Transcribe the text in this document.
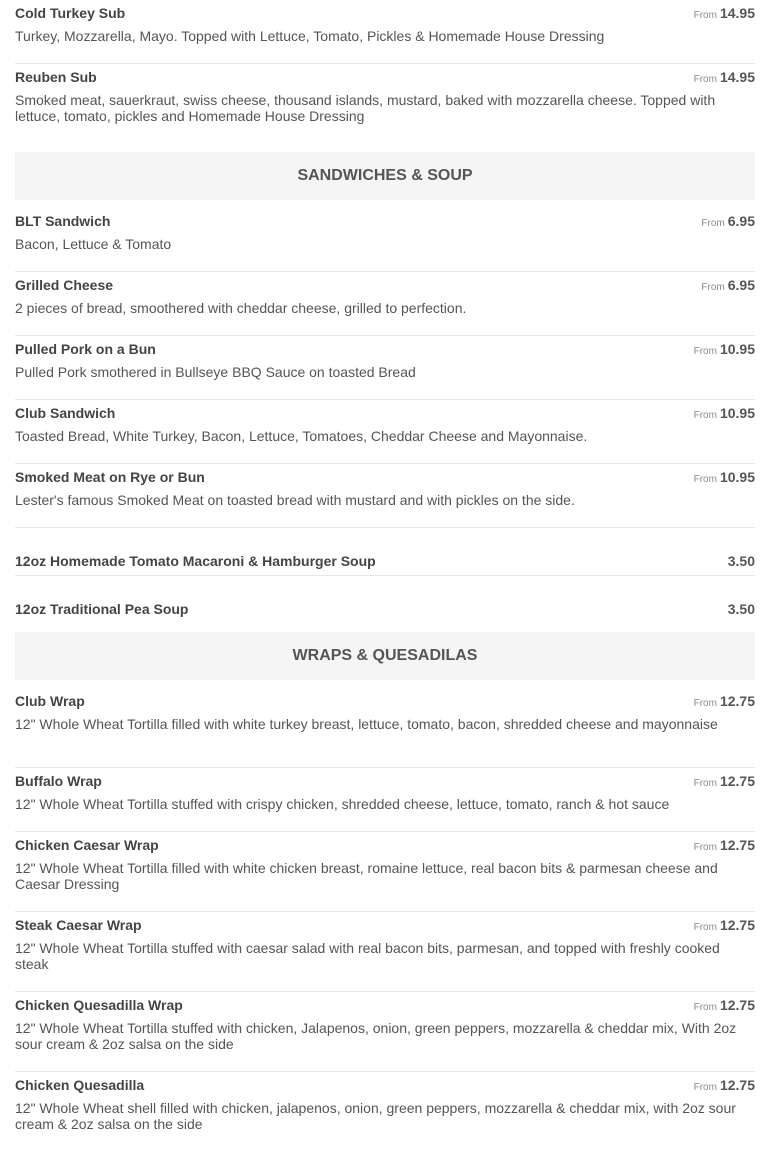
Cold Turkey Sub	From 14.95
Turkey, Mozzarella, Mayo. Topped with Lettuce, Tomato, Pickles & Homemade House Dressing
Reuben Sub	From 14.95
Smoked meat, sauerkraut, swiss cheese, thousand islands, mustard, baked with mozzarella cheese. Topped with lettuce, tomato, pickles and Homemade House Dressing
SANDWICHES & SOUP
BLT Sandwich	From 6.95
Bacon, Lettuce & Tomato
Grilled Cheese	From 6.95
2 pieces of bread, smoothered with cheddar cheese, grilled to perfection.
Pulled Pork on a Bun	From 10.95
Pulled Pork smothered in Bullseye BBQ Sauce on toasted Bread
Club Sandwich	From 10.95
Toasted Bread, White Turkey, Bacon, Lettuce, Tomatoes, Cheddar Cheese and Mayonnaise.
Smoked Meat on Rye or Bun	From 10.95
Lester's famous Smoked Meat on toasted bread with mustard and with pickles on the side.
12oz Homemade Tomato Macaroni & Hamburger Soup	3.50
12oz Traditional Pea Soup	3.50
WRAPS & QUESADILAS
Club Wrap	From 12.75
12" Whole Wheat Tortilla filled with white turkey breast, lettuce, tomato, bacon, shredded cheese and mayonnaise
Buffalo Wrap	From 12.75
12" Whole Wheat Tortilla stuffed with crispy chicken, shredded cheese, lettuce, tomato, ranch & hot sauce
Chicken Caesar Wrap	From 12.75
12" Whole Wheat Tortilla filled with white chicken breast, romaine lettuce, real bacon bits & parmesan cheese and Caesar Dressing
Steak Caesar Wrap	From 12.75
12" Whole Wheat Tortilla stuffed with caesar salad with real bacon bits, parmesan, and topped with freshly cooked steak
Chicken Quesadilla Wrap	From 12.75
12" Whole Wheat Tortilla stuffed with chicken, Jalapenos, onion, green peppers, mozzarella & cheddar mix, With 2oz sour cream & 2oz salsa on the side
Chicken Quesadilla	From 12.75
12" Whole Wheat shell filled with chicken, jalapenos, onion, green peppers, mozzarella & cheddar mix, with 2oz sour cream & 2oz salsa on the side
